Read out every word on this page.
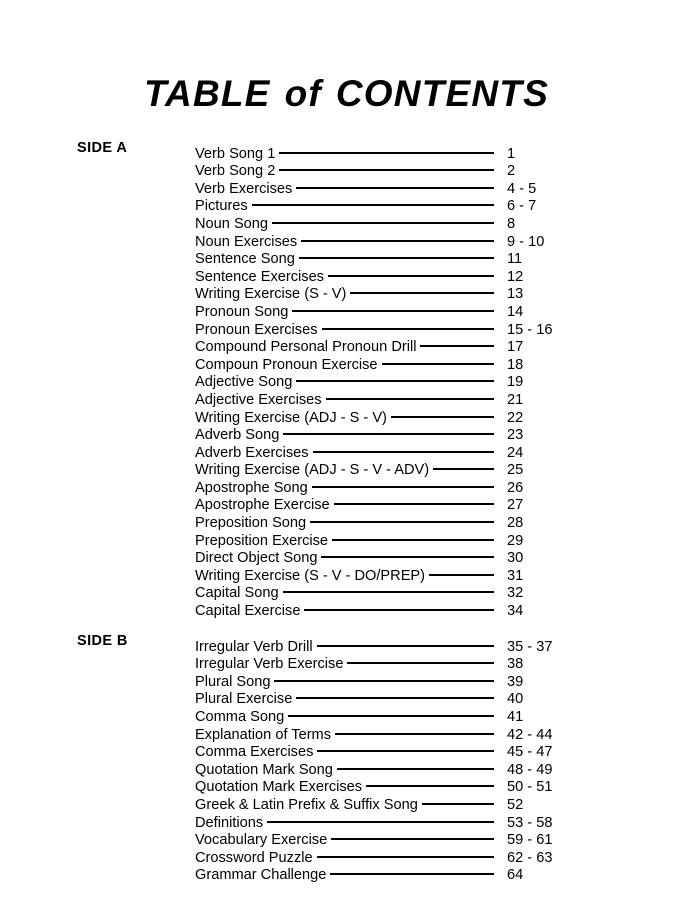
TABLE of CONTENTS
SIDE A	Verb Song 1	1
Verb Song 2	2
Verb Exercises	4 - 5
Pictures	6 - 7
Noun Song	8
Noun Exercises	9 - 10
Sentence Song	11
Sentence Exercises	12
Writing Exercise (S - V)	13
Pronoun Song	14
Pronoun Exercises	15 - 16
Compound Personal Pronoun Drill	17
Compoun Pronoun Exercise	18
Adjective Song	19
Adjective Exercises	21
Writing Exercise (ADJ - S - V)	22
Adverb Song	23
Adverb Exercises	24
Writing Exercise (ADJ - S - V - ADV)	25
Apostrophe Song	26
Apostrophe Exercise	27
Preposition Song	28
Preposition Exercise	29
Direct Object Song	30
Writing Exercise (S - V - DO/PREP)	31
Capital Song	32
Capital Exercise	34
SIDE B	Irregular Verb Drill	35 - 37
Irregular Verb Exercise	38
Plural Song	39
Plural Exercise	40
Comma Song	41
Explanation of Terms	42 - 44
Comma Exercises	45 - 47
Quotation Mark Song	48 - 49
Quotation Mark Exercises	50 - 51
Greek & Latin Prefix & Suffix Song	52
Definitions	53 - 58
Vocabulary Exercise	59 - 61
Crossword Puzzle	62 - 63
Grammar Challenge	64
